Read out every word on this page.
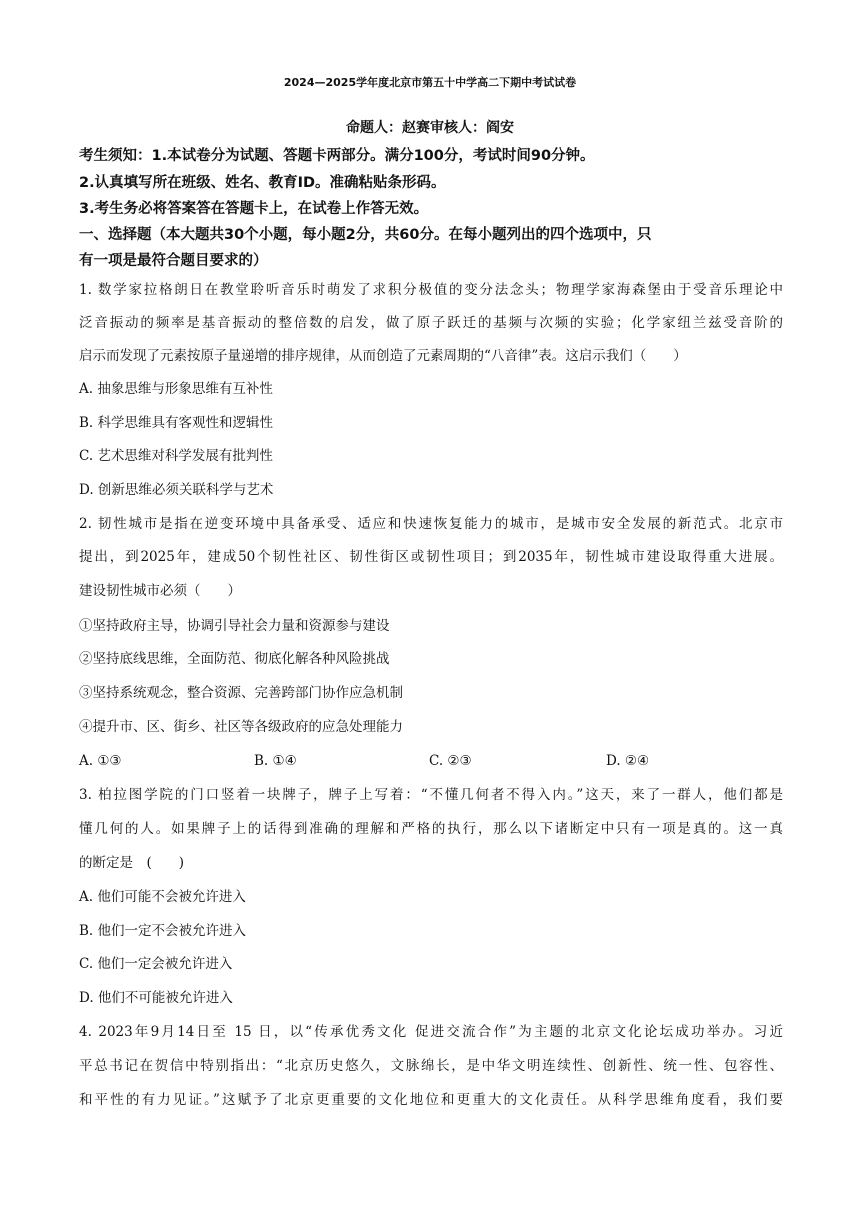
2024—2025学年度北京市第五十中学高二下期中考试试卷
命题人：赵赛审核人：阎安
考生须知：1.本试卷分为试题、答题卡两部分。满分100分，考试时间90分钟。
2.认真填写所在班级、姓名、教育ID。准确粘贴条形码。
3.考生务必将答案答在答题卡上，在试卷上作答无效。
一、选择题（本大题共30个小题，每小题2分，共60分。在每小题列出的四个选项中，只
有一项是最符合题目要求的）
1. 数学家拉格朗日在教堂聆听音乐时萌发了求积分极值的变分法念头；物理学家海森堡由于受音乐理论中
泛音振动的频率是基音振动的整倍数的启发，做了原子跃迁的基频与次频的实验；化学家纽兰兹受音阶的
启示而发现了元素按原子量递增的排序规律，从而创造了元素周期的“八音律”表。这启示我们（　　）
A. 抽象思维与形象思维有互补性
B. 科学思维具有客观性和逻辑性
C. 艺术思维对科学发展有批判性
D. 创新思维必须关联科学与艺术
2. 韧性城市是指在逆变环境中具备承受、适应和快速恢复能力的城市，是城市安全发展的新范式。北京市
提出，到2025年，建成50个韧性社区、韧性街区或韧性项目；到2035年，韧性城市建设取得重大进展。
建设韧性城市必须（　　）
①坚持政府主导，协调引导社会力量和资源参与建设
②坚持底线思维，全面防范、彻底化解各种风险挑战
③坚持系统观念，整合资源、完善跨部门协作应急机制
④提升市、区、街乡、社区等各级政府的应急处理能力
A. ①③	B. ①④	C. ②③	D. ②④
3. 柏拉图学院的门口竖着一块牌子，牌子上写着：“不懂几何者不得入内。”这天，来了一群人，他们都是
懂几何的人。如果牌子上的话得到准确的理解和严格的执行，那么以下诸断定中只有一项是真的。这一真
的断定是　(　　)
A. 他们可能不会被允许进入
B. 他们一定不会被允许进入
C. 他们一定会被允许进入
D. 他们不可能被允许进入
4. 2023年9月14日至 15 日，以“传承优秀文化 促进交流合作”为主题的北京文化论坛成功举办。习近
平总书记在贺信中特别指出：“北京历史悠久，文脉绵长，是中华文明连续性、创新性、统一性、包容性、
和平性的有力见证。”这赋予了北京更重要的文化地位和更重大的文化责任。从科学思维角度看，我们要
